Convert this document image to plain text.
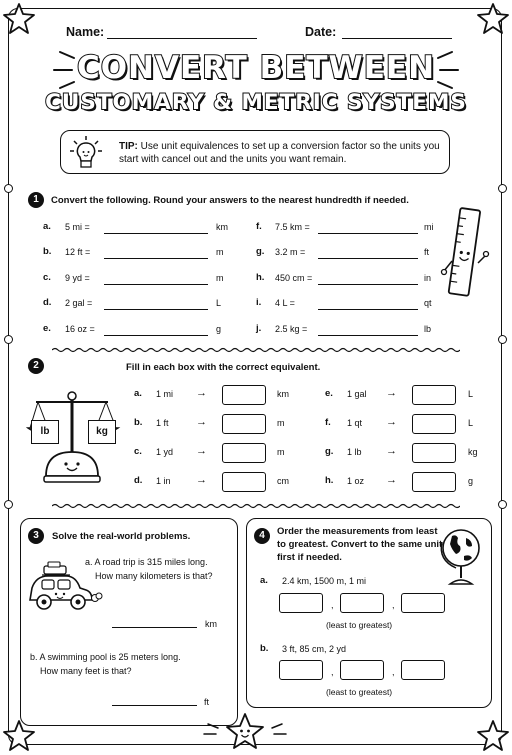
Name:	Date:
CONVERT BETWEEN
CUSTOMARY & METRIC SYSTEMS
TIP: Use unit equivalences to set up a conversion factor so the units you start with cancel out and the units you want remain.
1	Convert the following. Round your answers to the nearest hundredth if needed.
a. 5 mi =	km
b. 12 ft =	m
c. 9 yd =	m
d. 2 gal =	L
e. 16 oz =	g
f. 7.5 km =	mi
g. 3.2 m =	ft
h. 450 cm =	in
i. 4 L =	qt
j. 2.5 kg =	lb
2	Fill in each box with the correct equivalent.
lb	kg
a. 1 mi →	km
b. 1 ft →	m
c. 1 yd →	m
d. 1 in →	cm
e. 1 gal →	L
f. 1 qt →	L
g. 1 lb →	kg
h. 1 oz →	g
3	Solve the real-world problems.
a. A road trip is 315 miles long.
How many kilometers is that?
km
b. A swimming pool is 25 meters long.
How many feet is that?
ft
4	Order the measurements from least
to greatest. Convert to the same unit
first if needed.
a. 2.4 km, 1500 m, 1 mi
,	,
(least to greatest)
b. 3 ft, 85 cm, 2 yd
,	,
(least to greatest)
